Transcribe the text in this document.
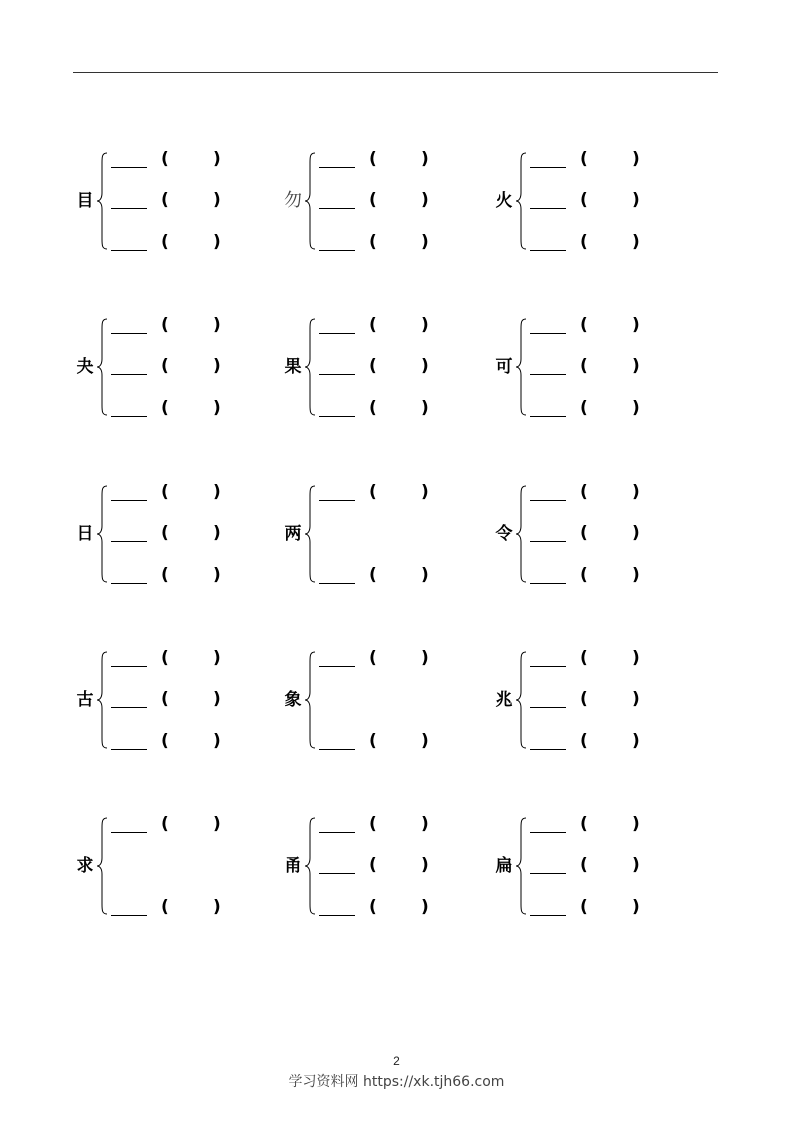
目
(	)
(	)
(	)
勿
(	)
(	)
(	)
火
(	)
(	)
(	)
夬
(	)
(	)
(	)
果
(	)
(	)
(	)
可
(	)
(	)
(	)
日
(	)
(	)
(	)
两
(	)
(	)
令
(	)
(	)
(	)
古
(	)
(	)
(	)
象
(	)
(	)
兆
(	)
(	)
(	)
求
(	)
(	)
甬
(	)
(	)
(	)
扁
(	)
(	)
(	)
2
学习资料网 https://xk.tjh66.com
